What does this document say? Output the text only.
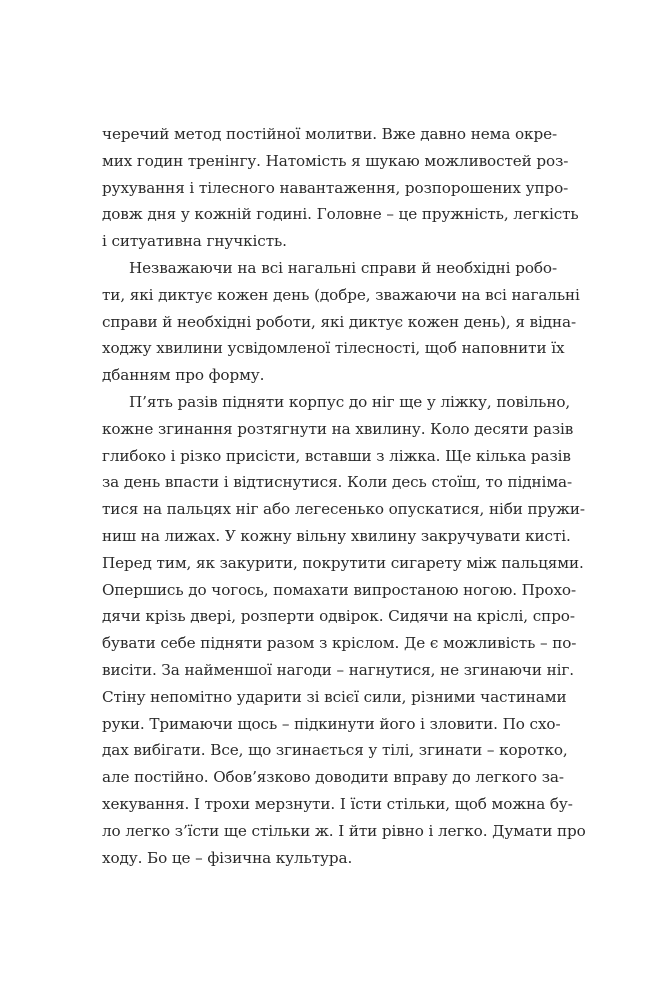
черечий метод постійної молитви. Вже давно нема окре-
мих годин тренінгу. Натомість я шукаю можливостей роз-
рухування і тілесного навантаження, розпорошених упро-
довж дня у кожній годині. Головне – це пружність, легкість
і ситуативна гнучкість.
Незважаючи на всі нагальні справи й необхідні робо-
ти, які диктує кожен день (добре, зважаючи на всі нагальні
справи й необхідні роботи, які диктує кожен день), я відна-
ходжу хвилини усвідомленої тілесності, щоб наповнити їх
дбанням про форму.
П’ять разів підняти корпус до ніг ще у ліжку, повільно,
кожне згинання розтягнути на хвилину. Коло десяти разів
глибоко і різко присісти, вставши з ліжка. Ще кілька разів
за день впасти і відтиснутися. Коли десь стоїш, то підніма-
тися на пальцях ніг або легесенько опускатися, ніби пружи-
ниш на лижах. У кожну вільну хвилину закручувати кисті.
Перед тим, як закурити, покрутити сигарету між пальцями.
Опершись до чогось, помахати випростаною ногою. Прохо-
дячи крізь двері, розперти одвірок. Сидячи на кріслі, спро-
бувати себе підняти разом з кріслом. Де є можливість – по-
висіти. За найменшої нагоди – нагнутися, не згинаючи ніг.
Стіну непомітно ударити зі всієї сили, різними частинами
руки. Тримаючи щось – підкинути його і зловити. По схо-
дах вибігати. Все, що згинається у тілі, згинати – коротко,
але постійно. Обов’язково доводити вправу до легкого за-
хекування. І трохи мерзнути. І їсти стільки, щоб можна бу-
ло легко з’їсти ще стільки ж. І йти рівно і легко. Думати про
ходу. Бо це – фізична культура.
